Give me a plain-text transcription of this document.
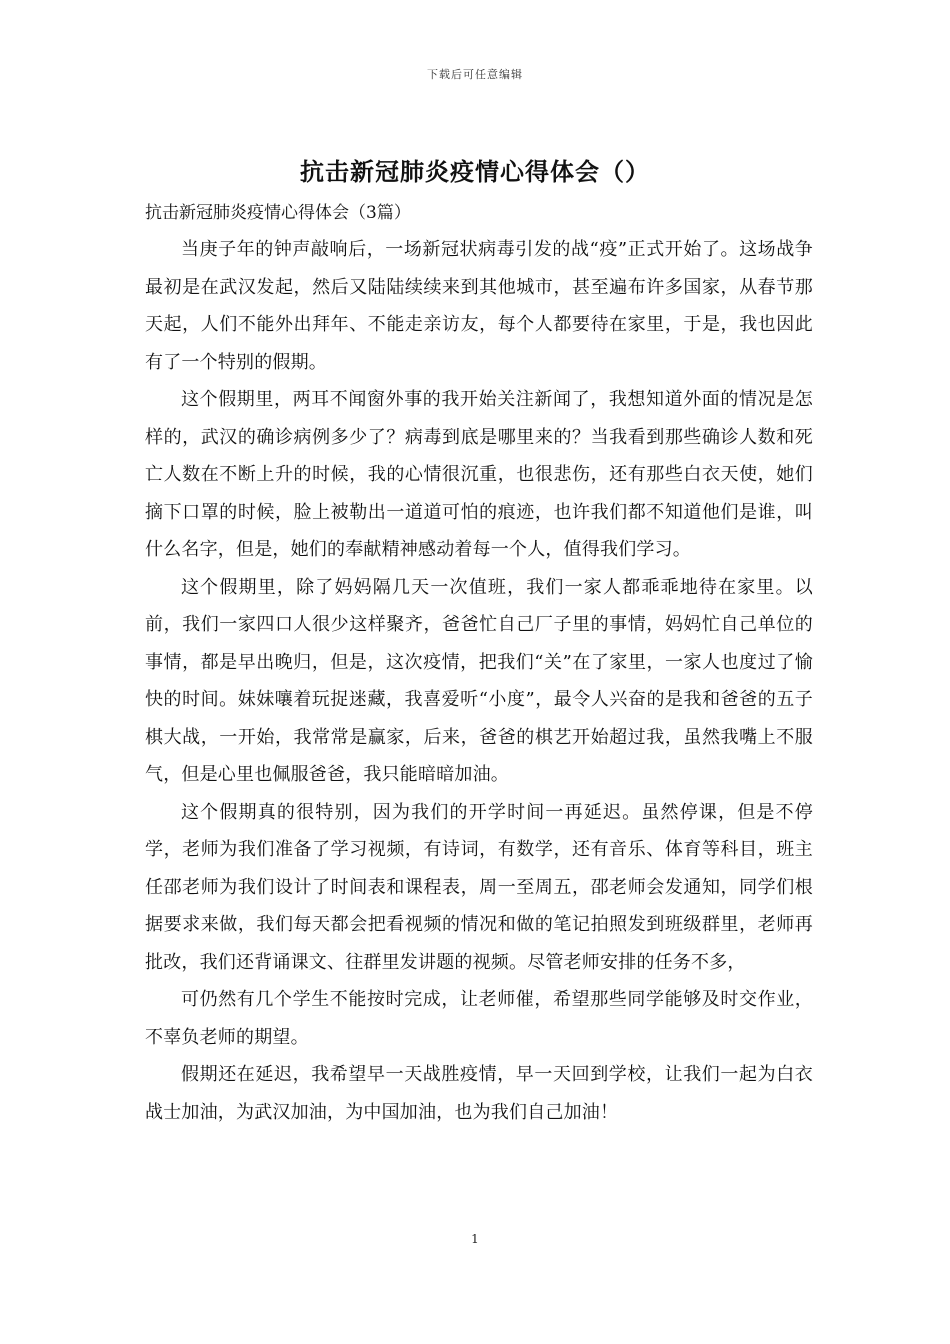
下载后可任意编辑
抗击新冠肺炎疫情心得体会（）
抗击新冠肺炎疫情心得体会（3篇）

当庚子年的钟声敲响后，一场新冠状病毒引发的战“疫”正式开始了。这场战争最初是在武汉发起，然后又陆陆续续来到其他城市，甚至遍布许多国家，从春节那天起，人们不能外出拜年、不能走亲访友，每个人都要待在家里，于是，我也因此有了一个特别的假期。

这个假期里，两耳不闻窗外事的我开始关注新闻了，我想知道外面的情况是怎样的，武汉的确诊病例多少了？病毒到底是哪里来的？当我看到那些确诊人数和死亡人数在不断上升的时候，我的心情很沉重，也很悲伤，还有那些白衣天使，她们摘下口罩的时候，脸上被勒出一道道可怕的痕迹，也许我们都不知道他们是谁，叫什么名字，但是，她们的奉献精神感动着每一个人，值得我们学习。

这个假期里，除了妈妈隔几天一次值班，我们一家人都乖乖地待在家里。以前，我们一家四口人很少这样聚齐，爸爸忙自己厂子里的事情，妈妈忙自己单位的事情，都是早出晚归，但是，这次疫情，把我们“关”在了家里，一家人也度过了愉快的时间。妹妹嚷着玩捉迷藏，我喜爱听“小度”，最令人兴奋的是我和爸爸的五子棋大战，一开始，我常常是赢家，后来，爸爸的棋艺开始超过我，虽然我嘴上不服气，但是心里也佩服爸爸，我只能暗暗加油。

这个假期真的很特别，因为我们的开学时间一再延迟。虽然停课，但是不停学，老师为我们准备了学习视频，有诗词，有数学，还有音乐、体育等科目，班主任邵老师为我们设计了时间表和课程表，周一至周五，邵老师会发通知，同学们根据要求来做，我们每天都会把看视频的情况和做的笔记拍照发到班级群里，老师再批改，我们还背诵课文、往群里发讲题的视频。尽管老师安排的任务不多，

可仍然有几个学生不能按时完成，让老师催，希望那些同学能够及时交作业，不辜负老师的期望。

假期还在延迟，我希望早一天战胜疫情，早一天回到学校，让我们一起为白衣战士加油，为武汉加油，为中国加油，也为我们自己加油！

1
